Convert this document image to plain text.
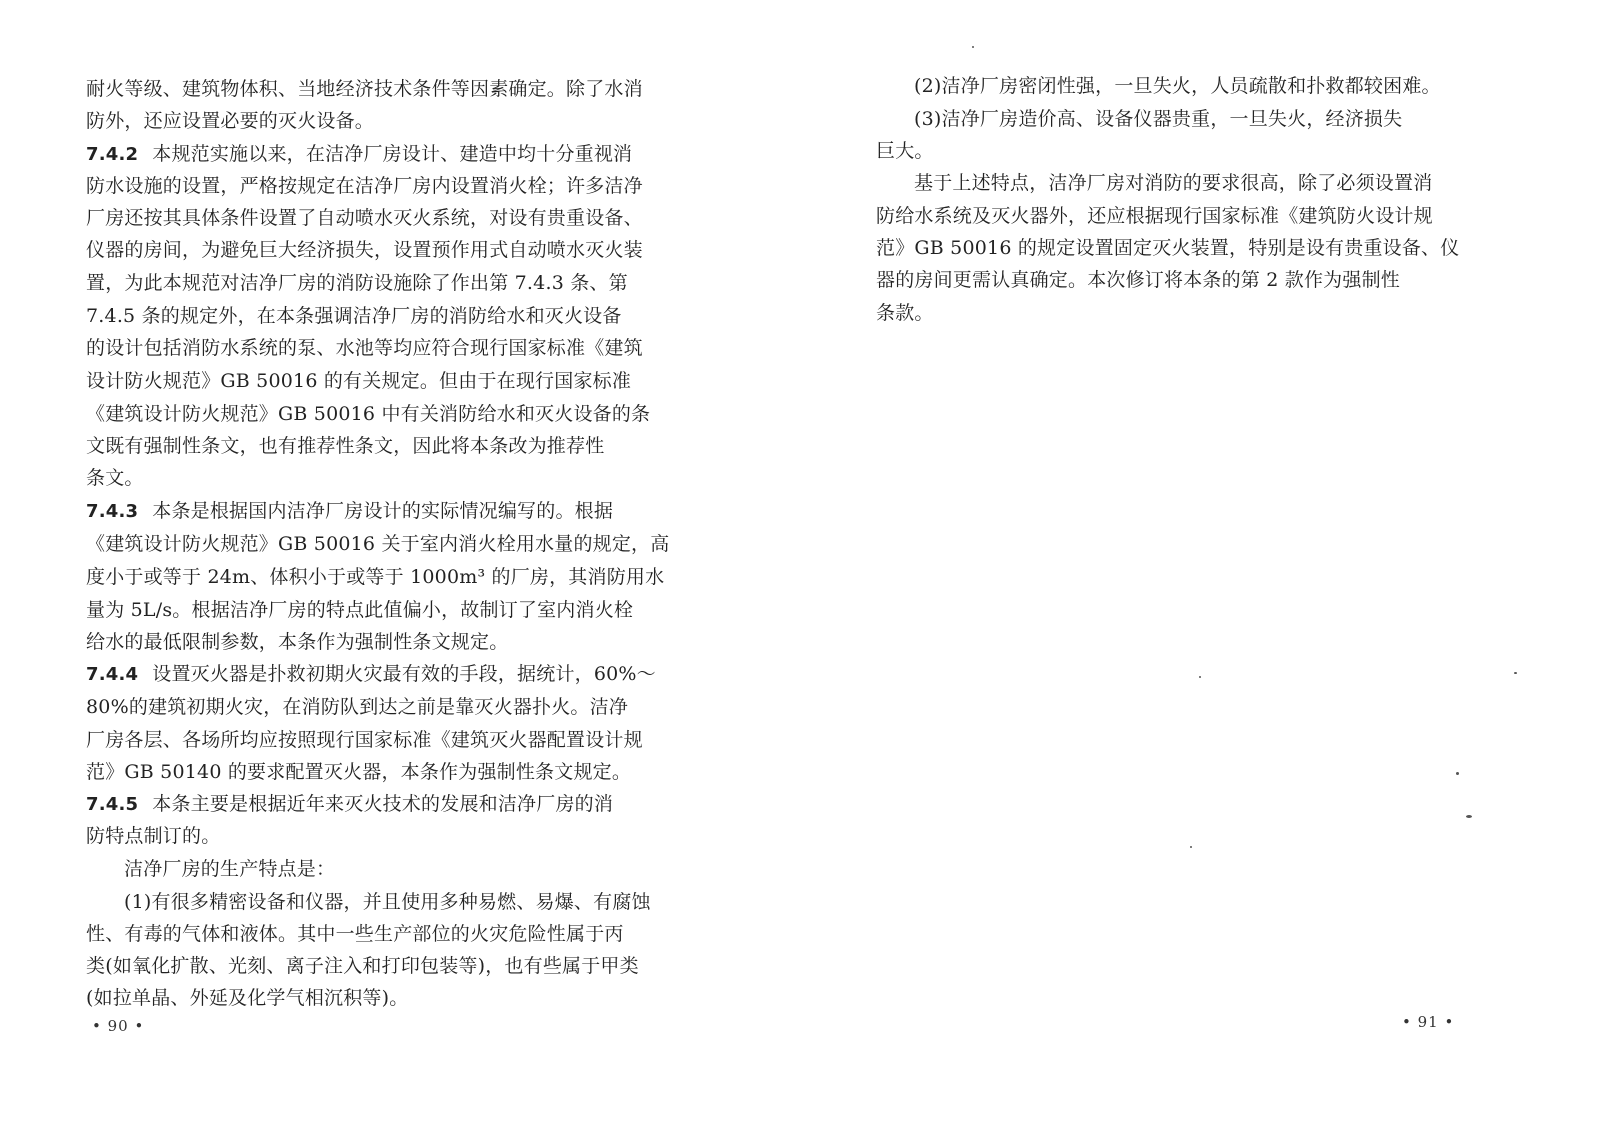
耐火等级、建筑物体积、当地经济技术条件等因素确定。除了水消

防外，还应设置必要的灭火设备。

7.4.2 本规范实施以来，在洁净厂房设计、建造中均十分重视消

防水设施的设置，严格按规定在洁净厂房内设置消火栓；许多洁净

厂房还按其具体条件设置了自动喷水灭火系统，对设有贵重设备、

仪器的房间，为避免巨大经济损失，设置预作用式自动喷水灭火装

置，为此本规范对洁净厂房的消防设施除了作出第 7.4.3 条、第

7.4.5 条的规定外，在本条强调洁净厂房的消防给水和灭火设备

的设计包括消防水系统的泵、水池等均应符合现行国家标准《建筑

设计防火规范》GB 50016 的有关规定。但由于在现行国家标准

《建筑设计防火规范》GB 50016 中有关消防给水和灭火设备的条

文既有强制性条文，也有推荐性条文，因此将本条改为推荐性

条文。

7.4.3 本条是根据国内洁净厂房设计的实际情况编写的。根据

《建筑设计防火规范》GB 50016 关于室内消火栓用水量的规定，高

度小于或等于 24m、体积小于或等于 1000m³ 的厂房，其消防用水

量为 5L/s。根据洁净厂房的特点此值偏小，故制订了室内消火栓

给水的最低限制参数，本条作为强制性条文规定。

7.4.4 设置灭火器是扑救初期火灾最有效的手段，据统计，60%～

80%的建筑初期火灾，在消防队到达之前是靠灭火器扑火。洁净

厂房各层、各场所均应按照现行国家标准《建筑灭火器配置设计规

范》GB 50140 的要求配置灭火器，本条作为强制性条文规定。

7.4.5 本条主要是根据近年来灭火技术的发展和洁净厂房的消

防特点制订的。

洁净厂房的生产特点是：

(1)有很多精密设备和仪器，并且使用多种易燃、易爆、有腐蚀

性、有毒的气体和液体。其中一些生产部位的火灾危险性属于丙

类(如氧化扩散、光刻、离子注入和打印包装等)，也有些属于甲类

(如拉单晶、外延及化学气相沉积等)。

• 90 •

(2)洁净厂房密闭性强，一旦失火，人员疏散和扑救都较困难。

(3)洁净厂房造价高、设备仪器贵重，一旦失火，经济损失

巨大。

基于上述特点，洁净厂房对消防的要求很高，除了必须设置消

防给水系统及灭火器外，还应根据现行国家标准《建筑防火设计规

范》GB 50016 的规定设置固定灭火装置，特别是设有贵重设备、仪

器的房间更需认真确定。本次修订将本条的第 2 款作为强制性

条款。

• 91 •
